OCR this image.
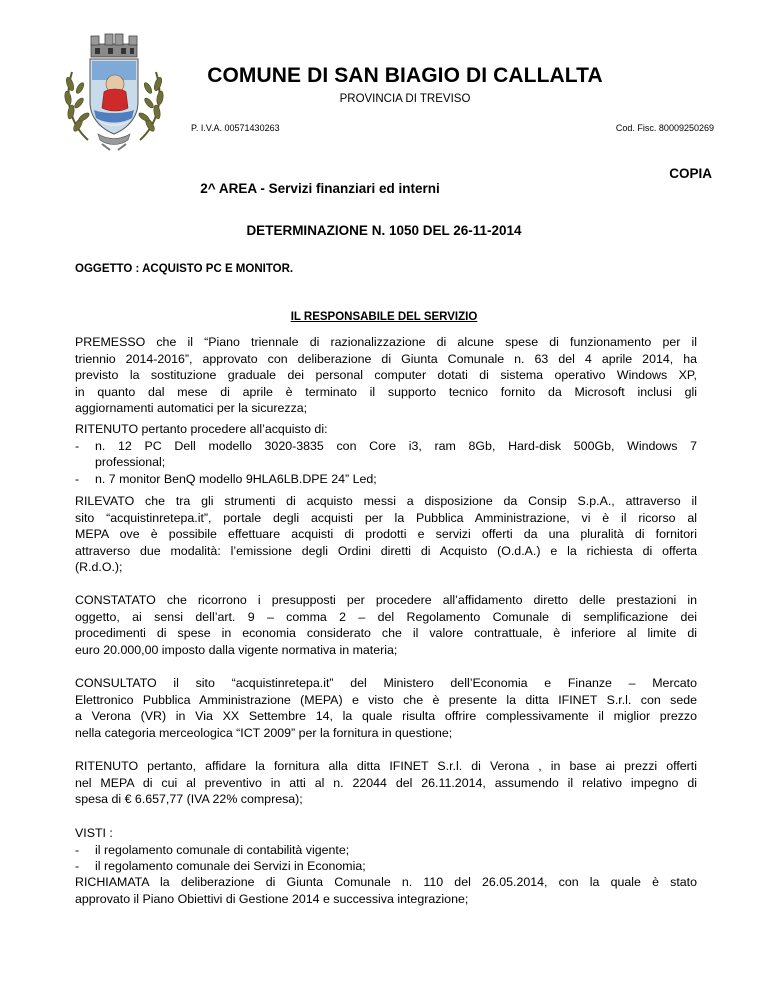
COMUNE DI SAN BIAGIO DI CALLALTA
PROVINCIA DI TREVISO
P. I.V.A. 00571430263	Cod. Fisc. 80009250269
COPIA
2^ AREA - Servizi finanziari ed interni
DETERMINAZIONE N. 1050 DEL 26-11-2014
OGGETTO : ACQUISTO PC E MONITOR.
IL RESPONSABILE DEL SERVIZIO

PREMESSO che il “Piano triennale di razionalizzazione di alcune spese di funzionamento per il

triennio 2014-2016”, approvato con deliberazione di Giunta Comunale n. 63 del 4 aprile 2014, ha

previsto la sostituzione graduale dei personal computer dotati di sistema operativo Windows XP,

in quanto dal mese di aprile è terminato il supporto tecnico fornito da Microsoft inclusi gli

aggiornamenti automatici per la sicurezza;

RITENUTO pertanto procedere all’acquisto di:

- n. 12 PC Dell modello 3020-3835 con Core i3, ram 8Gb, Hard-disk 500Gb, Windows 7

professional;

- n. 7 monitor BenQ modello 9HLA6LB.DPE 24” Led;

RILEVATO che tra gli strumenti di acquisto messi a disposizione da Consip S.p.A., attraverso il

sito “acquistinretepa.it”, portale degli acquisti per la Pubblica Amministrazione, vi è il ricorso al

MEPA ove è possibile effettuare acquisti di prodotti e servizi offerti da una pluralità di fornitori

attraverso due modalità: l’emissione degli Ordini diretti di Acquisto (O.d.A.) e la richiesta di offerta

(R.d.O.);

CONSTATATO che ricorrono i presupposti per procedere all’affidamento diretto delle prestazioni in

oggetto, ai sensi dell’art. 9 – comma 2 – del Regolamento Comunale di semplificazione dei

procedimenti di spese in economia considerato che il valore contrattuale, è inferiore al limite di

euro 20.000,00 imposto dalla vigente normativa in materia;

CONSULTATO il sito “acquistinretepa.it” del Ministero dell’Economia e Finanze – Mercato

Elettronico Pubblica Amministrazione (MEPA) e visto che è presente la ditta IFINET S.r.l. con sede

a Verona (VR) in Via XX Settembre 14, la quale risulta offrire complessivamente il miglior prezzo

nella categoria merceologica “ICT 2009” per la fornitura in questione;

RITENUTO pertanto, affidare la fornitura alla ditta IFINET S.r.l. di Verona , in base ai prezzi offerti

nel MEPA di cui al preventivo in atti al n. 22044 del 26.11.2014, assumendo il relativo impegno di

spesa di € 6.657,77 (IVA 22% compresa);

VISTI :

- il regolamento comunale di contabilità vigente;

- il regolamento comunale dei Servizi in Economia;

RICHIAMATA la deliberazione di Giunta Comunale n. 110 del 26.05.2014, con la quale è stato

approvato il Piano Obiettivi di Gestione 2014 e successiva integrazione;
